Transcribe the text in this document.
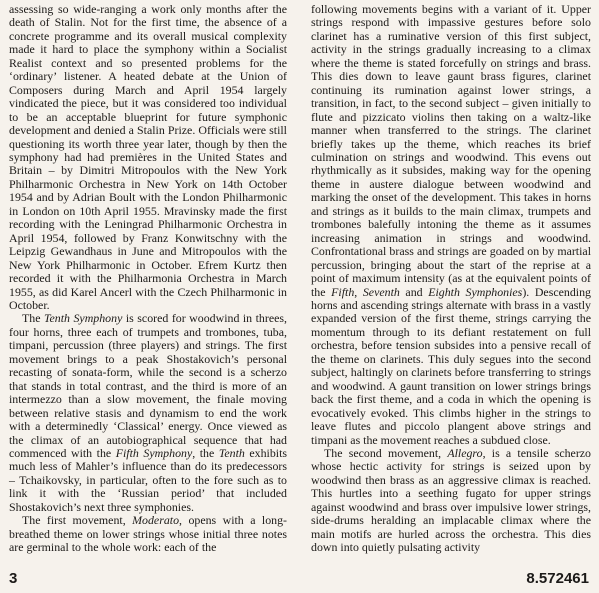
assessing so wide-ranging a work only months after the death of Stalin. Not for the first time, the absence of a concrete programme and its overall musical complexity made it hard to place the symphony within a Socialist Realist context and so presented problems for the ‘ordinary’ listener. A heated debate at the Union of Composers during March and April 1954 largely vindicated the piece, but it was considered too individual to be an acceptable blueprint for future symphonic development and denied a Stalin Prize. Officials were still questioning its worth three year later, though by then the symphony had had premières in the United States and Britain – by Dimitri Mitropoulos with the New York Philharmonic Orchestra in New York on 14th October 1954 and by Adrian Boult with the London Philharmonic in London on 10th April 1955. Mravinsky made the first recording with the Leningrad Philharmonic Orchestra in April 1954, followed by Franz Konwitschny with the Leipzig Gewandhaus in June and Mitropoulos with the New York Philharmonic in October. Efrem Kurtz then recorded it with the Philharmonia Orchestra in March 1955, as did Karel Ancerl with the Czech Philharmonic in October.

The Tenth Symphony is scored for woodwind in threes, four horns, three each of trumpets and trombones, tuba, timpani, percussion (three players) and strings. The first movement brings to a peak Shostakovich’s personal recasting of sonata-form, while the second is a scherzo that stands in total contrast, and the third is more of an intermezzo than a slow movement, the finale moving between relative stasis and dynamism to end the work with a determinedly ‘Classical’ energy. Once viewed as the climax of an autobiographical sequence that had commenced with the Fifth Symphony, the Tenth exhibits much less of Mahler’s influence than do its predecessors – Tchaikovsky, in particular, often to the fore such as to link it with the ‘Russian period’ that included Shostakovich’s next three symphonies.

The first movement, Moderato, opens with a long-breathed theme on lower strings whose initial three notes are germinal to the whole work: each of the

following movements begins with a variant of it. Upper strings respond with impassive gestures before solo clarinet has a ruminative version of this first subject, activity in the strings gradually increasing to a climax where the theme is stated forcefully on strings and brass. This dies down to leave gaunt brass figures, clarinet continuing its rumination against lower strings, a transition, in fact, to the second subject – given initially to flute and pizzicato violins then taking on a waltz-like manner when transferred to the strings. The clarinet briefly takes up the theme, which reaches its brief culmination on strings and woodwind. This evens out rhythmically as it subsides, making way for the opening theme in austere dialogue between woodwind and marking the onset of the development. This takes in horns and strings as it builds to the main climax, trumpets and trombones balefully intoning the theme as it assumes increasing animation in strings and woodwind. Confrontational brass and strings are goaded on by martial percussion, bringing about the start of the reprise at a point of maximum intensity (as at the equivalent points of the Fifth, Seventh and Eighth Symphonies). Descending horns and ascending strings alternate with brass in a vastly expanded version of the first theme, strings carrying the momentum through to its defiant restatement on full orchestra, before tension subsides into a pensive recall of the theme on clarinets. This duly segues into the second subject, haltingly on clarinets before transferring to strings and woodwind. A gaunt transition on lower strings brings back the first theme, and a coda in which the opening is evocatively evoked. This climbs higher in the strings to leave flutes and piccolo plangent above strings and timpani as the movement reaches a subdued close.

The second movement, Allegro, is a tensile scherzo whose hectic activity for strings is seized upon by woodwind then brass as an aggressive climax is reached. This hurtles into a seething fugato for upper strings against woodwind and brass over impulsive lower strings, side-drums heralding an implacable climax where the main motifs are hurled across the orchestra. This dies down into quietly pulsating activity

3	8.572461
